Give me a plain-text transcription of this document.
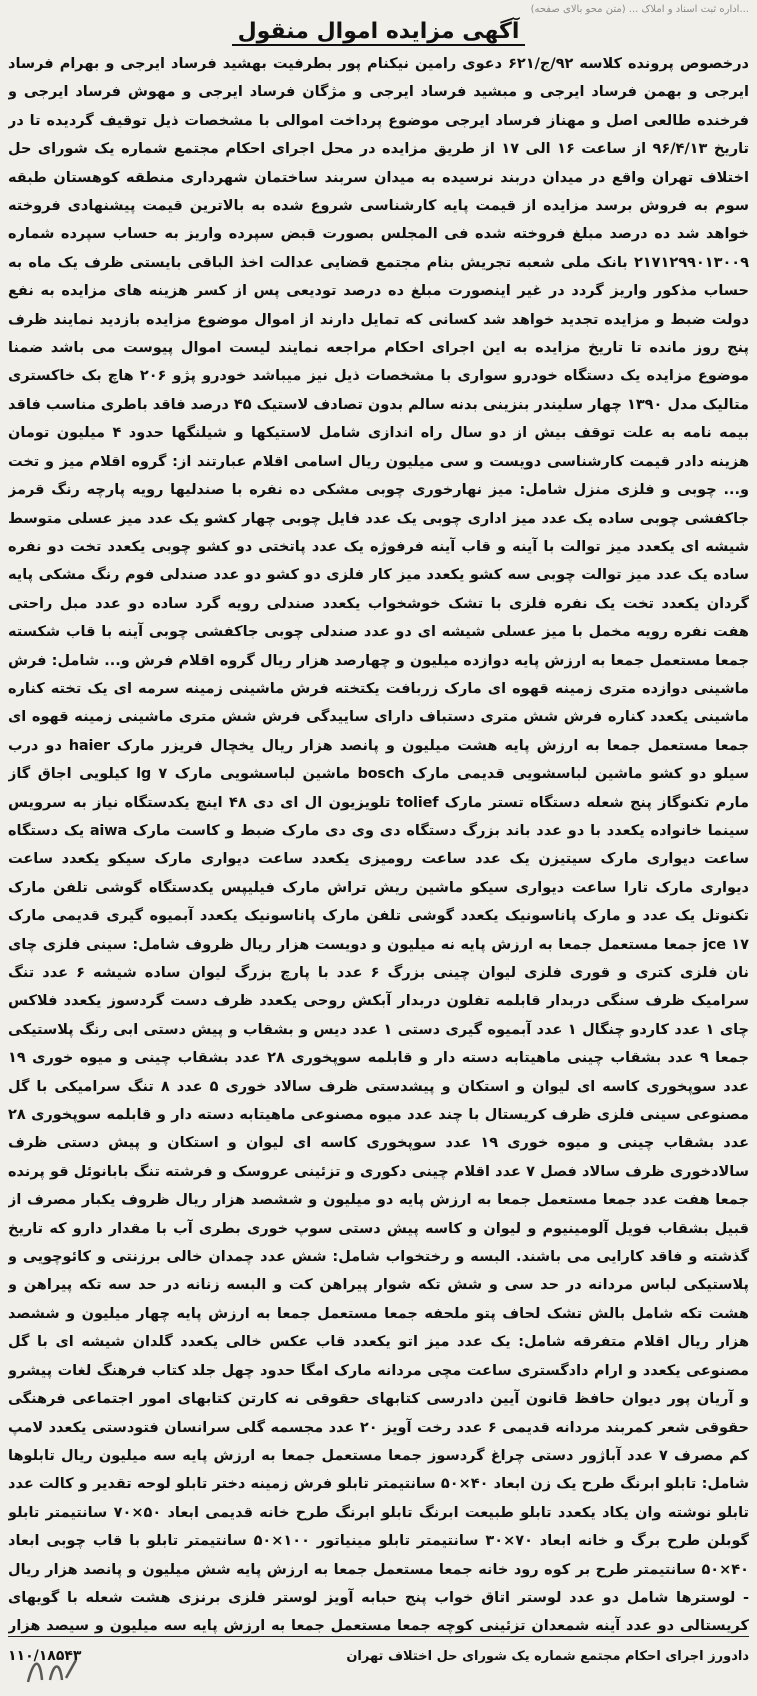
...اداره ثبت اسناد و املاک ... (متن محو بالای صفحه)
آگهی مزایده اموال منقول
درخصوص پرونده کلاسه ۹۲/ج/۶۲۱ دعوی رامین نیکنام پور بطرفیت بهشید فرساد ایرجی و بهرام فرساد ایرجی و بهمن فرساد ایرجی و مبشید فرساد ایرجی و مژگان فرساد ایرجی و مهوش فرساد ایرجی و فرخنده طالعی اصل و مهناز فرساد ایرجی موضوع پرداخت اموالی با مشخصات ذیل توقیف گردیده تا در تاریخ ۹۶/۴/۱۳ از ساعت ۱۶ الی ۱۷ از طریق مزایده در محل اجرای احکام مجتمع شماره یک شورای حل اختلاف تهران واقع در میدان دربند نرسیده به میدان سربند ساختمان شهرداری منطقه کوهستان طبقه سوم به فروش برسد مزایده از قیمت پایه کارشناسی شروع شده به بالاترین قیمت پیشنهادی فروخته خواهد شد ده درصد مبلغ فروخته شده فی المجلس بصورت قبض سپرده واریز به حساب سپرده شماره ۲۱۷۱۲۹۹۰۱۳۰۰۹ بانک ملی شعبه تجریش بنام مجتمع قضایی عدالت اخذ الباقی بایستی ظرف یک ماه به حساب مذکور واریز گردد در غیر اینصورت مبلغ ده درصد تودیعی پس از کسر هزینه های مزایده به نفع دولت ضبط و مزایده تجدید خواهد شد کسانی که تمایل دارند از اموال موضوع مزایده بازدید نمایند ظرف پنج روز مانده تا تاریخ مزایده به این اجرای احکام مراجعه نمایند لیست اموال پیوست می باشد ضمنا موضوع مزایده یک دستگاه خودرو سواری با مشخصات ذیل نیز میباشد خودرو پژو ۲۰۶ هاچ بک خاکستری متالیک مدل ۱۳۹۰ چهار سلیندر بنزینی بدنه سالم بدون تصادف لاستیک ۴۵ درصد فاقد باطری مناسب فاقد بیمه نامه به علت توقف بیش از دو سال راه اندازی شامل لاستیکها و شیلنگها حدود ۴ میلیون تومان هزینه دادر قیمت کارشناسی دویست و سی میلیون ریال اسامی اقلام عبارتند از: گروه اقلام میز و تخت و... چوبی و فلزی منزل شامل: میز نهارخوری چوبی مشکی ده نفره با صندلیها رویه پارچه رنگ قرمز جاکفشی چوبی ساده یک عدد میز اداری چوبی یک عدد فایل چوبی چهار کشو یک عدد میز عسلی متوسط شیشه ای یکعدد میز توالت با آینه و قاب آینه فرفوژه یک عدد پاتختی دو کشو چوبی یکعدد تخت دو نفره ساده یک عدد میز توالت چوبی سه کشو یکعدد میز کار فلزی دو کشو دو عدد صندلی فوم رنگ مشکی پایه گردان یکعدد تخت یک نفره فلزی با تشک خوشخواب یکعدد صندلی رویه گرد ساده دو عدد مبل راحتی هفت نفره رویه مخمل با میز عسلی شیشه ای دو عدد صندلی چوبی جاکفشی چوبی آینه با قاب شکسته جمعا مستعمل جمعا به ارزش پایه دوازده میلیون و چهارصد هزار ریال گروه اقلام فرش و... شامل: فرش ماشینی دوازده متری زمینه قهوه ای مارک زربافت یکتخته فرش ماشینی زمینه سرمه ای یک تخته کناره ماشینی یکعدد کناره فرش شش متری دستباف دارای ساییدگی فرش شش متری ماشینی زمینه قهوه ای جمعا مستعمل جمعا به ارزش پایه هشت میلیون و پانصد هزار ریال یخچال فریزر مارک haier دو درب سیلو دو کشو ماشین لباسشویی قدیمی مارک bosch ماشین لباسشویی مارک lg ۷ کیلویی اجاق گاز مارم تکنوگاز پنج شعله دستگاه تستر مارک tolief تلویزیون ال ای دی ۴۸ اینچ یکدستگاه نیاز به سرویس سینما خانواده یکعدد با دو عدد باند بزرگ دستگاه دی وی دی مارک ضبط و کاست مارک aiwa یک دستگاه ساعت دیواری مارک سیتیزن یک عدد ساعت رومیزی یکعدد ساعت دیواری مارک سیکو یکعدد ساعت دیواری مارک تارا ساعت دیواری سیکو ماشین ریش تراش مارک فیلیپس یکدستگاه گوشی تلفن مارک تکنوتل یک عدد و مارک پاناسونیک یکعدد گوشی تلفن مارک پاناسونیک یکعدد آبمیوه گیری قدیمی مارک jce ۱۷ جمعا مستعمل جمعا به ارزش پایه نه میلیون و دویست هزار ریال ظروف شامل: سینی فلزی چای نان فلزی کتری و قوری فلزی لیوان چینی بزرگ ۶ عدد با پارچ بزرگ لیوان ساده شیشه ۶ عدد تنگ سرامیک ظرف سنگی دربدار قابلمه تفلون دربدار آبکش روحی یکعدد ظرف دست گردسوز یکعدد فلاکس چای ۱ عدد کاردو چنگال ۱ عدد آبمیوه گیری دستی ۱ عدد دیس و بشقاب و پیش دستی ابی رنگ پلاستیکی جمعا ۹ عدد بشقاب چینی ماهیتابه دسته دار و قابلمه سوپخوری ۲۸ عدد بشقاب چینی و میوه خوری ۱۹ عدد سوپخوری کاسه ای لیوان و استکان و پیشدستی ظرف سالاد خوری ۵ عدد ۸ تنگ سرامیکی با گل مصنوعی سینی فلزی ظرف کریستال با چند عدد میوه مصنوعی ماهیتابه دسته دار و قابلمه سوپخوری ۲۸ عدد بشقاب چینی و میوه خوری ۱۹ عدد سوپخوری کاسه ای لیوان و استکان و پیش دستی ظرف سالادخوری ظرف سالاد فصل ۷ عدد اقلام چینی دکوری و تزئینی عروسک و فرشته تنگ بابانوئل قو پرنده جمعا هفت عدد جمعا مستعمل جمعا به ارزش پایه دو میلیون و ششصد هزار ریال ظروف یکبار مصرف از قبیل بشقاب فویل آلومینیوم و لیوان و کاسه پیش دستی سوپ خوری بطری آب با مقدار دارو که تاریخ گذشته و فاقد کارایی می باشند. البسه و رختخواب شامل: شش عدد چمدان خالی برزنتی و کائوچویی و پلاستیکی لباس مردانه در حد سی و شش تکه شوار پیراهن کت و البسه زنانه در حد سه تکه پیراهن و هشت تکه شامل بالش تشک لحاف پتو ملحفه جمعا مستعمل جمعا به ارزش پایه چهار میلیون و ششصد هزار ریال اقلام متفرقه شامل: یک عدد میز اتو یکعدد قاب عکس خالی یکعدد گلدان شیشه ای با گل مصنوعی یکعدد و ارام دادگستری ساعت مچی مردانه مارک امگا حدود چهل جلد کتاب فرهنگ لغات پیشرو و آریان پور دیوان حافظ قانون آیین دادرسی کتابهای حقوقی نه کارتن کتابهای امور اجتماعی فرهنگی حقوقی شعر کمربند مردانه قدیمی ۶ عدد رخت آویز ۲۰ عدد مجسمه گلی سرانسان فتودستی یکعدد لامپ کم مصرف ۷ عدد آباژور دستی چراغ گردسوز جمعا مستعمل جمعا به ارزش پایه سه میلیون ریال تابلوها شامل: تابلو ابرنگ طرح یک زن ابعاد ۴۰×۵۰ سانتیمتر تابلو فرش زمینه دختر تابلو لوحه تقدیر و کالت عدد تابلو نوشته وان یکاد یکعدد تابلو طبیعت ابرنگ تابلو ابرنگ طرح خانه قدیمی ابعاد ۵۰×۷۰ سانتیمتر تابلو گوبلن طرح برگ و خانه ابعاد ۷۰×۳۰ سانتیمتر تابلو مینیاتور ۱۰۰×۵۰ سانتیمتر تابلو با قاب چوبی ابعاد ۴۰×۵۰ سانتیمتر طرح بر کوه رود خانه جمعا مستعمل جمعا به ارزش پایه شش میلیون و پانصد هزار ریال - لوسترها شامل دو عدد لوستر اتاق خواب پنج حبابه آویز لوستر فلزی برنزی هشت شعله با گویهای کریستالی دو عدد آینه شمعدان تزئینی کوچه جمعا مستعمل جمعا به ارزش پایه سه میلیون و سیصد هزار
دادورز اجرای احکام مجتمع شماره یک شورای حل اختلاف تهران
۱۱۰/۱۸۵۴۳
